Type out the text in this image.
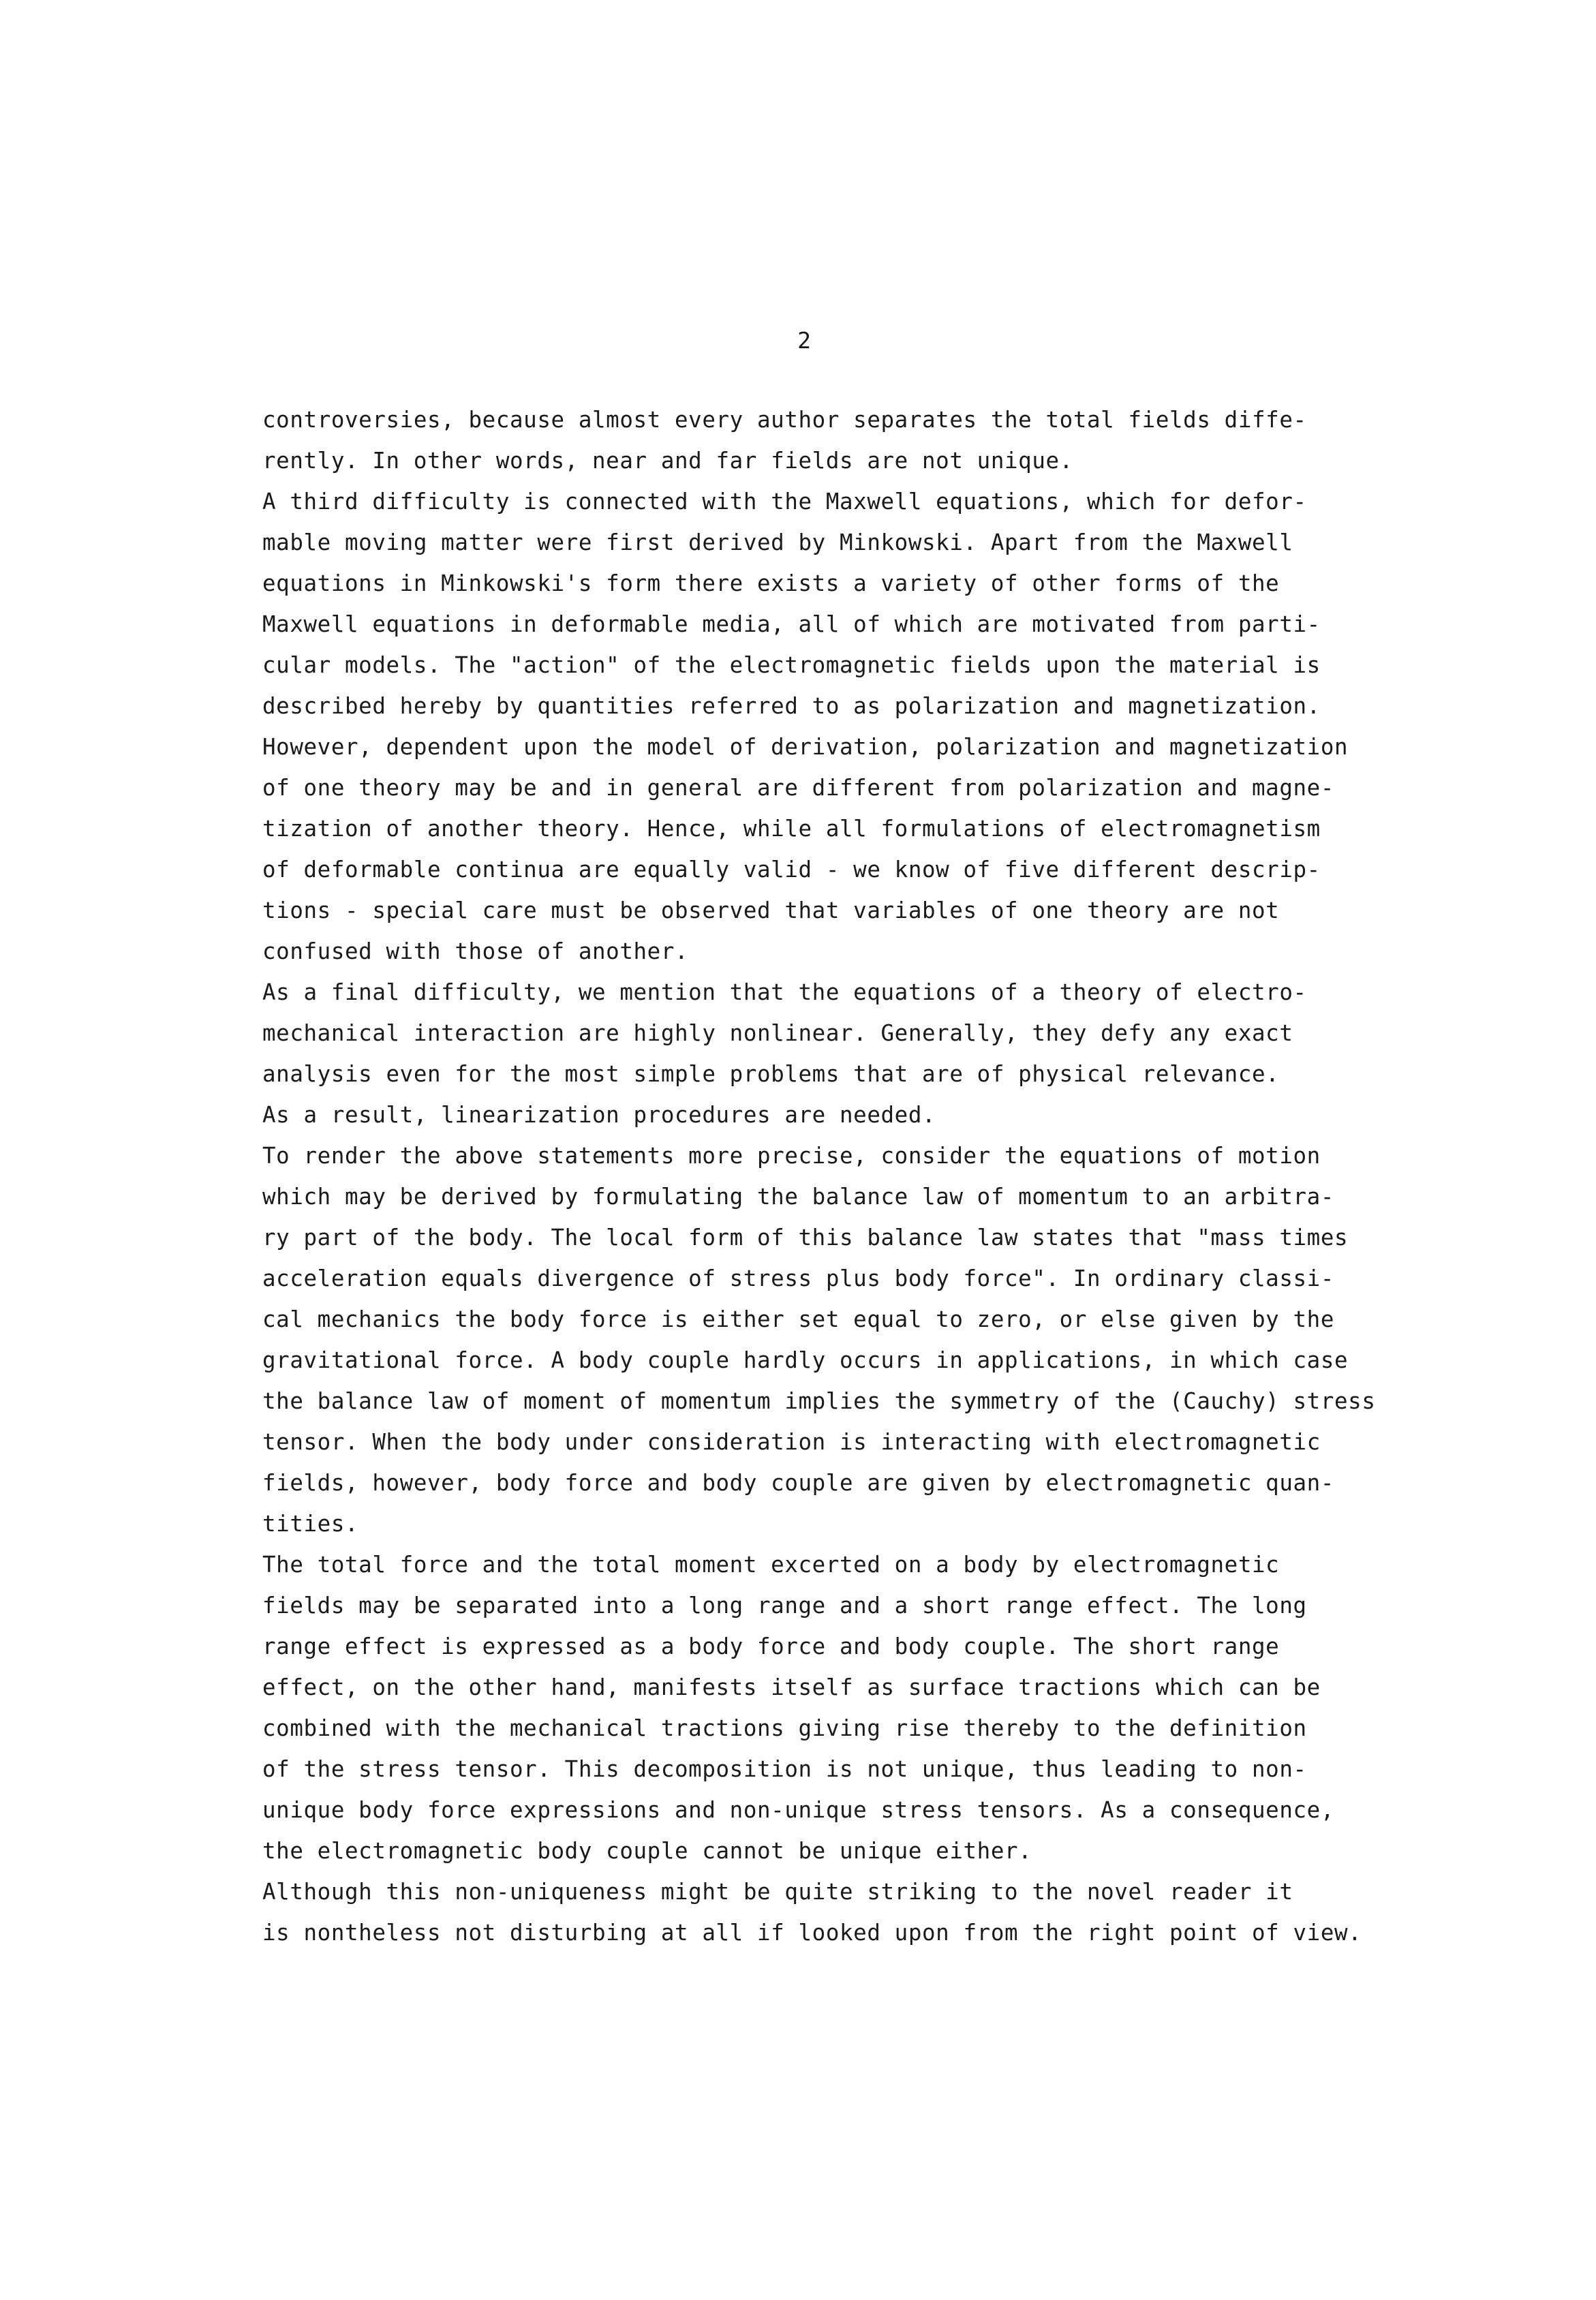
2
controversies, because almost every author separates the total fields diffe-
rently. In other words, near and far fields are not unique.
A third difficulty is connected with the Maxwell equations, which for defor-
mable moving matter were first derived by Minkowski. Apart from the Maxwell
equations in Minkowski's form there exists a variety of other forms of the
Maxwell equations in deformable media, all of which are motivated from parti-
cular models. The "action" of the electromagnetic fields upon the material is
described hereby by quantities referred to as polarization and magnetization.
However, dependent upon the model of derivation, polarization and magnetization
of one theory may be and in general are different from polarization and magne-
tization of another theory. Hence, while all formulations of electromagnetism
of deformable continua are equally valid - we know of five different descrip-
tions - special care must be observed that variables of one theory are not
confused with those of another.
As a final difficulty, we mention that the equations of a theory of electro-
mechanical interaction are highly nonlinear. Generally, they defy any exact
analysis even for the most simple problems that are of physical relevance.
As a result, linearization procedures are needed.
To render the above statements more precise, consider the equations of motion
which may be derived by formulating the balance law of momentum to an arbitra-
ry part of the body. The local form of this balance law states that "mass times
acceleration equals divergence of stress plus body force". In ordinary classi-
cal mechanics the body force is either set equal to zero, or else given by the
gravitational force. A body couple hardly occurs in applications, in which case
the balance law of moment of momentum implies the symmetry of the (Cauchy) stress
tensor. When the body under consideration is interacting with electromagnetic
fields, however, body force and body couple are given by electromagnetic quan-
tities.
The total force and the total moment excerted on a body by electromagnetic
fields may be separated into a long range and a short range effect. The long
range effect is expressed as a body force and body couple. The short range
effect, on the other hand, manifests itself as surface tractions which can be
combined with the mechanical tractions giving rise thereby to the definition
of the stress tensor. This decomposition is not unique, thus leading to non-
unique body force expressions and non-unique stress tensors. As a consequence,
the electromagnetic body couple cannot be unique either.
Although this non-uniqueness might be quite striking to the novel reader it
is nontheless not disturbing at all if looked upon from the right point of view.
